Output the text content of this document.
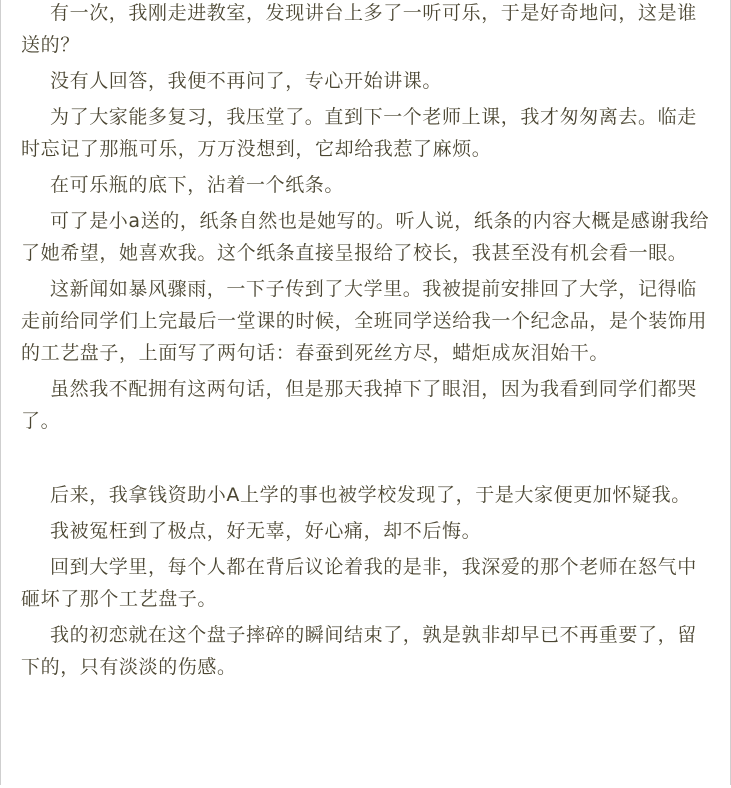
有一次，我刚走进教室，发现讲台上多了一听可乐，于是好奇地问，这是谁送的？

没有人回答，我便不再问了，专心开始讲课。

为了大家能多复习，我压堂了。直到下一个老师上课，我才匆匆离去。临走时忘记了那瓶可乐，万万没想到，它却给我惹了麻烦。

在可乐瓶的底下，沾着一个纸条。

可了是小a送的，纸条自然也是她写的。听人说，纸条的内容大概是感谢我给了她希望，她喜欢我。这个纸条直接呈报给了校长，我甚至没有机会看一眼。

这新闻如暴风骤雨，一下子传到了大学里。我被提前安排回了大学，记得临走前给同学们上完最后一堂课的时候，全班同学送给我一个纪念品，是个装饰用的工艺盘子，上面写了两句话：春蚕到死丝方尽，蜡炬成灰泪始干。

虽然我不配拥有这两句话，但是那天我掉下了眼泪，因为我看到同学们都哭了。

后来，我拿钱资助小A上学的事也被学校发现了，于是大家便更加怀疑我。

我被冤枉到了极点，好无辜，好心痛，却不后悔。

回到大学里，每个人都在背后议论着我的是非，我深爱的那个老师在怒气中砸坏了那个工艺盘子。

我的初恋就在这个盘子摔碎的瞬间结束了，孰是孰非却早已不再重要了，留下的，只有淡淡的伤感。
